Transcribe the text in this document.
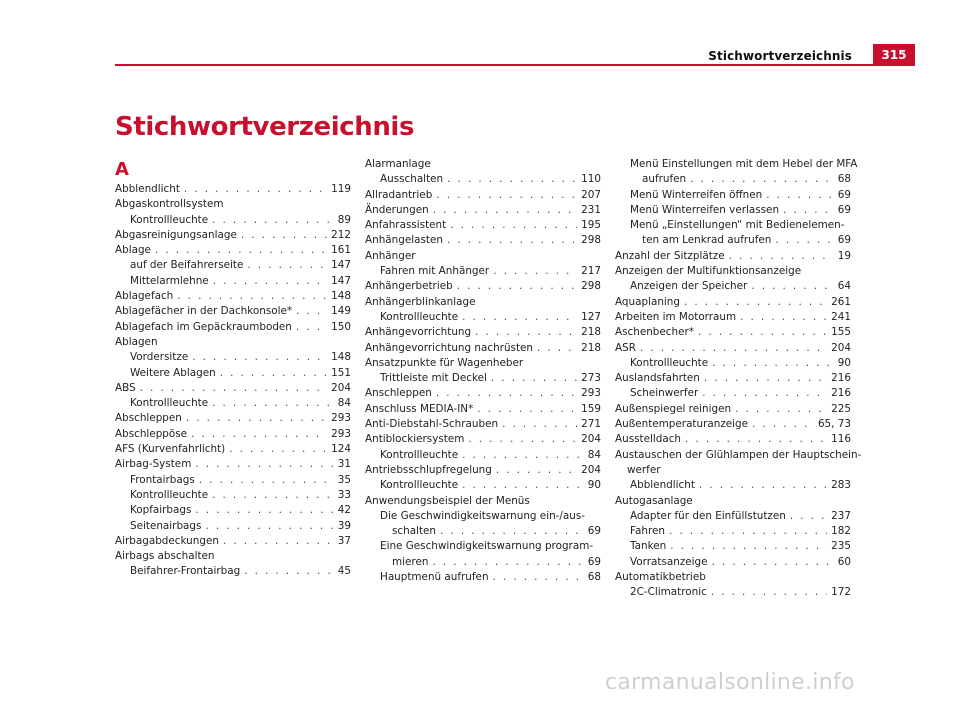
Stichwortverzeichnis	315
Stichwortverzeichnis
A
Abblendlicht . . .	119
Abgaskontrollsystem
Kontrollleuchte . . .	89
Abgasreinigungsanlage . . .	212
Ablage . . .	161
auf der Beifahrerseite . . .	147
Mittelarmlehne . . .	147
Ablagefach . . .	148
Ablagefächer in der Dachkonsole* . . .	149
Ablagefach im Gepäckraumboden . . .	150
Ablagen
Vordersitze . . .	148
Weitere Ablagen . . .	151
ABS . . .	204
Kontrollleuchte . . .	84
Abschleppen . . .	293
Abschleppöse . . .	293
AFS (Kurvenfahrlicht) . . .	124
Airbag-System . . .	31
Frontairbags . . .	35
Kontrollleuchte . . .	33
Kopfairbags . . .	42
Seitenairbags . . .	39
Airbagabdeckungen . . .	37
Airbags abschalten
Beifahrer-Frontairbag . . .	45
Alarmanlage
Ausschalten . . .	110
Allradantrieb . . .	207
Änderungen . . .	231
Anfahrassistent . . .	195
Anhängelasten . . .	298
Anhänger
Fahren mit Anhänger . . .	217
Anhängerbetrieb . . .	298
Anhängerblinkanlage
Kontrollleuchte . . .	127
Anhängevorrichtung . . .	218
Anhängevorrichtung nachrüsten . . .	218
Ansatzpunkte für Wagenheber
Trittleiste mit Deckel . . .	273
Anschleppen . . .	293
Anschluss MEDIA-IN* . . .	159
Anti-Diebstahl-Schrauben . . .	271
Antiblockiersystem . . .	204
Kontrollleuchte . . .	84
Antriebsschlupfregelung . . .	204
Kontrollleuchte . . .	90
Anwendungsbeispiel der Menüs
Die Geschwindigkeitswarnung ein-/aus-
schalten . . .	69
Eine Geschwindigkeitswarnung program-
mieren . . .	69
Hauptmenü aufrufen . . .	68
Menü Einstellungen mit dem Hebel der MFA
aufrufen . . .	68
Menü Winterreifen öffnen . . .	69
Menü Winterreifen verlassen . . .	69
Menü „Einstellungen“ mit Bedienelemen-
ten am Lenkrad aufrufen . . .	69
Anzahl der Sitzplätze . . .	19
Anzeigen der Multifunktionsanzeige
Anzeigen der Speicher . . .	64
Aquaplaning . . .	261
Arbeiten im Motorraum . . .	241
Aschenbecher* . . .	155
ASR . . .	204
Kontrollleuchte . . .	90
Auslandsfahrten . . .	216
Scheinwerfer . . .	216
Außenspiegel reinigen . . .	225
Außentemperaturanzeige . . .	65, 73
Ausstelldach . . .	116
Austauschen der Glühlampen der Hauptschein-
werfer
Abblendlicht . . .	283
Autogasanlage
Adapter für den Einfüllstutzen . . .	237
Fahren . . .	182
Tanken . . .	235
Vorratsanzeige . . .	60
Automatikbetrieb
2C-Climatronic . . .	172
carmanualsonline.info
